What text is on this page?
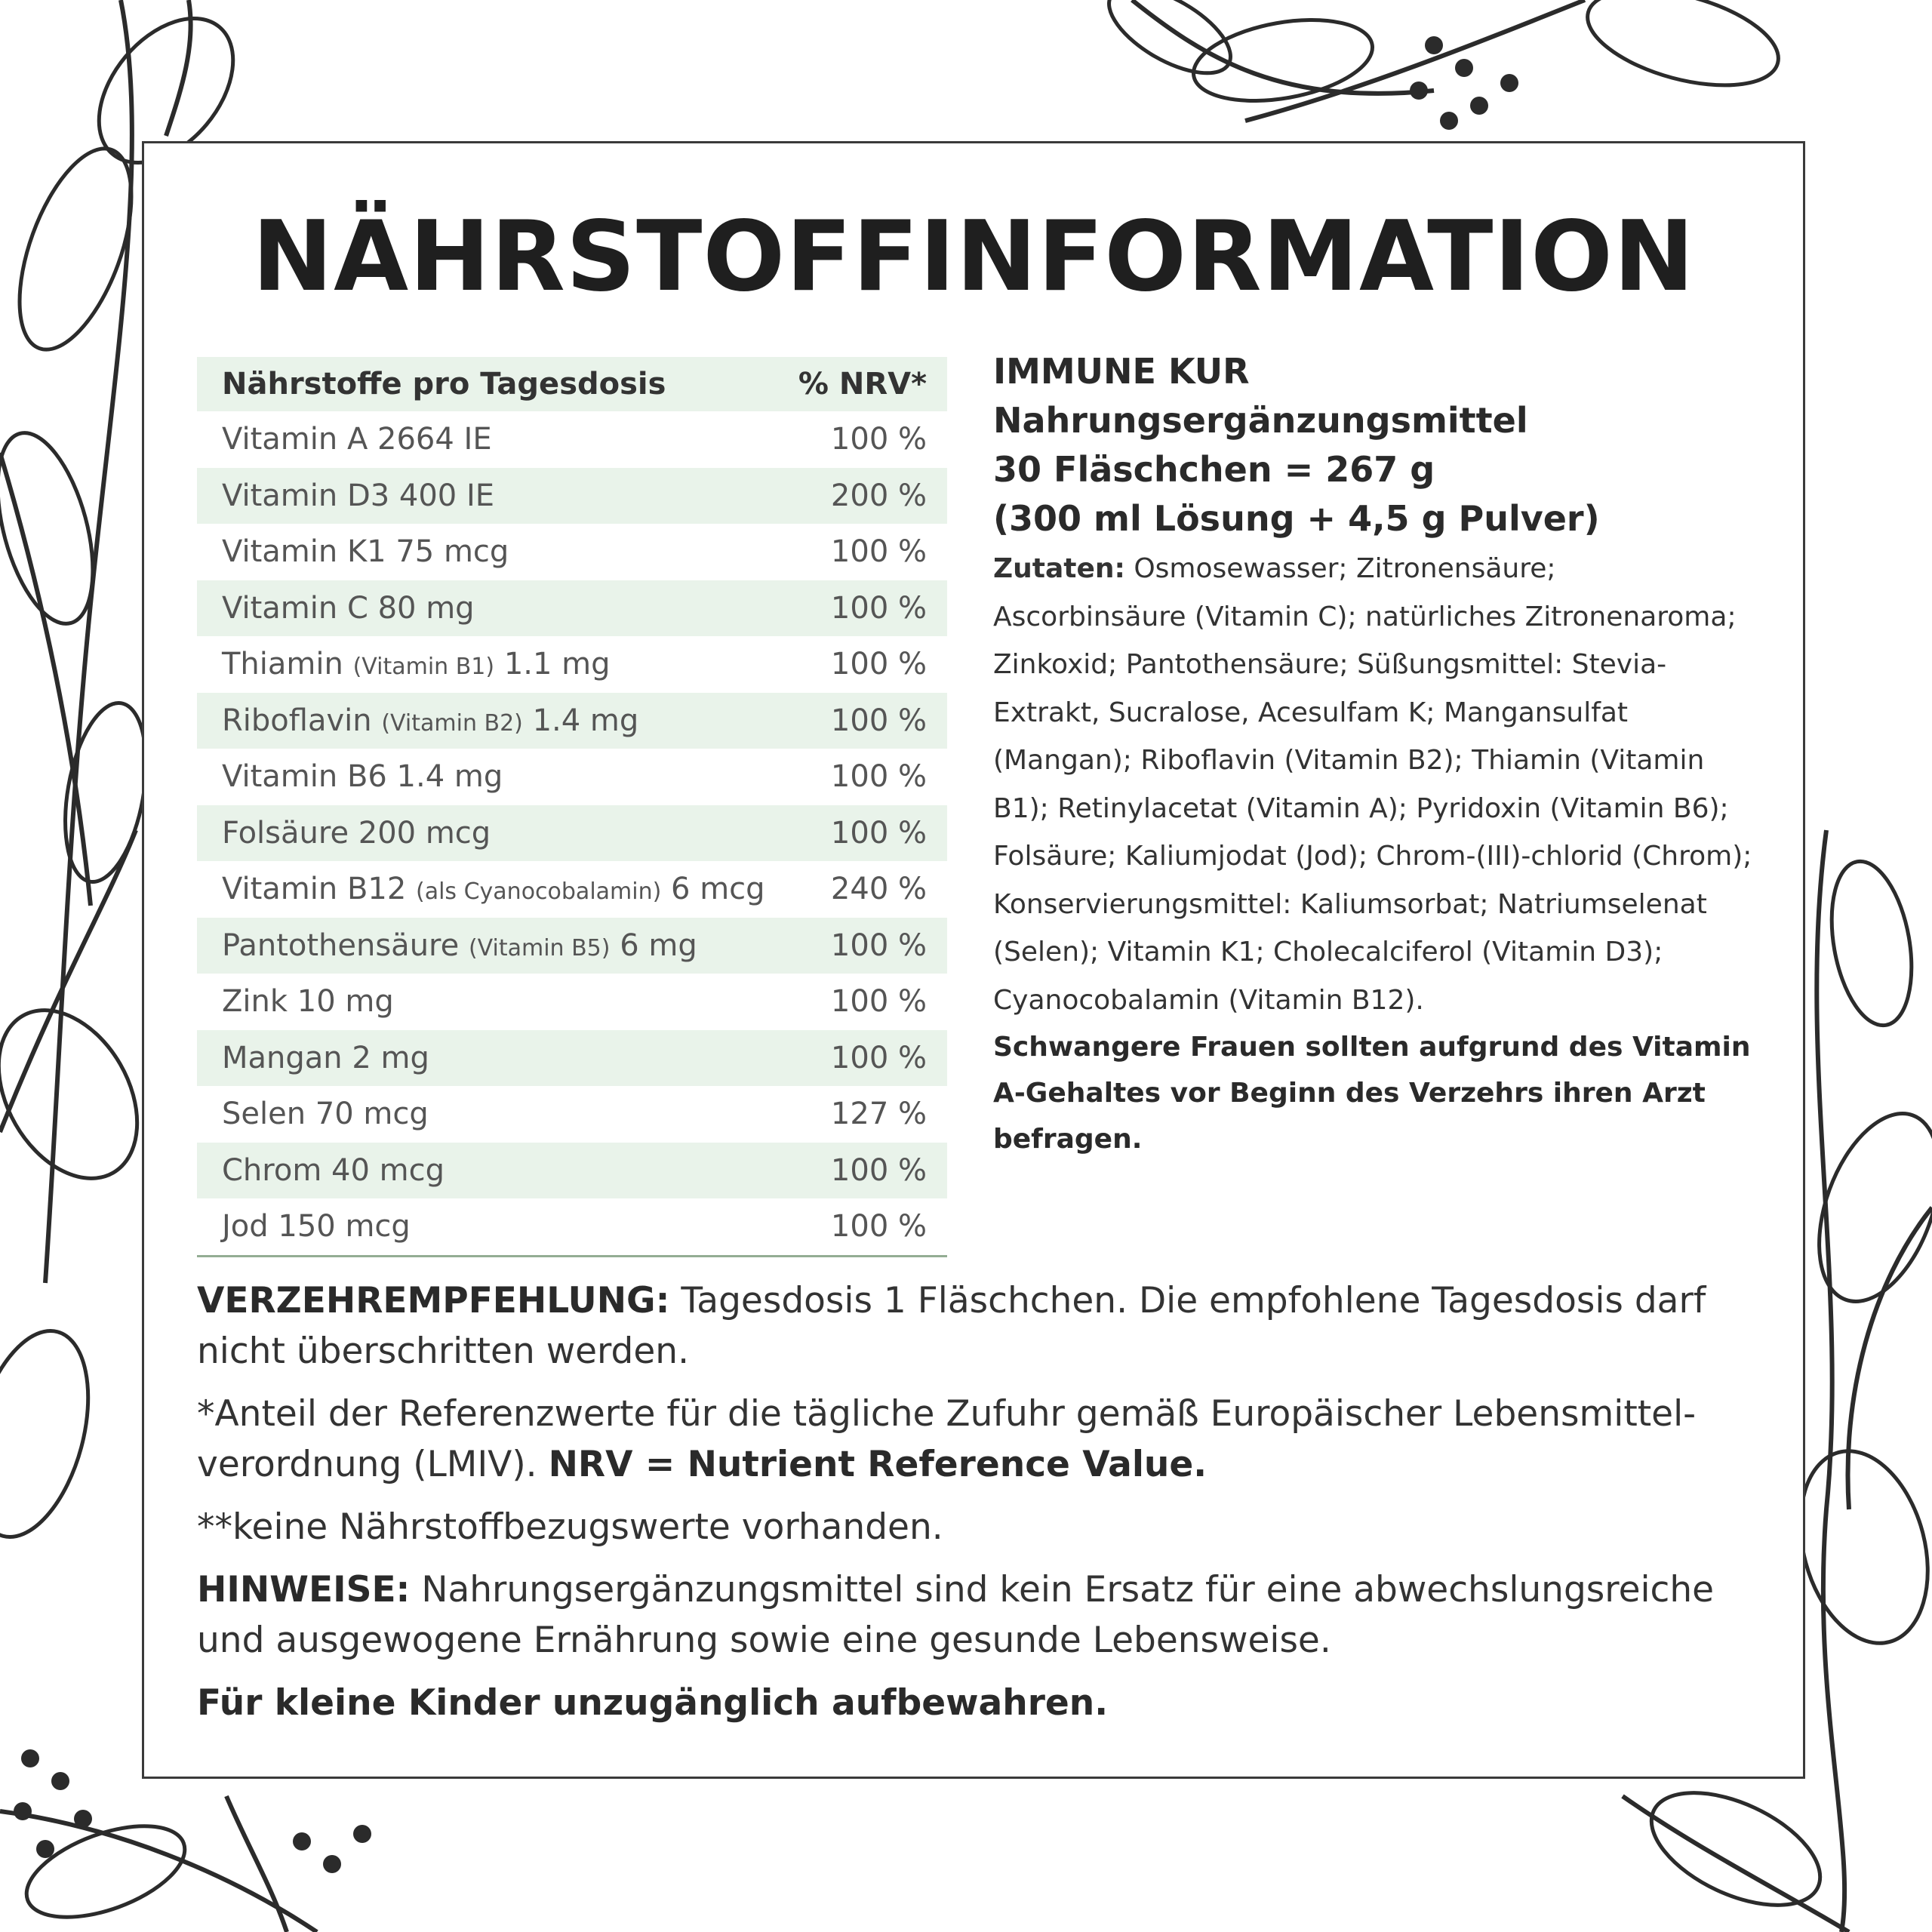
NÄHRSTOFFINFORMATION
Nährstoffe pro Tagesdosis	% NRV*
Vitamin A 2664 IE	100 %
Vitamin D3 400 IE	200 %
Vitamin K1 75 mcg	100 %
Vitamin C 80 mg	100 %
Thiamin (Vitamin B1) 1.1 mg	100 %
Riboflavin (Vitamin B2) 1.4 mg	100 %
Vitamin B6 1.4 mg	100 %
Folsäure 200 mcg	100 %
Vitamin B12 (als Cyanocobalamin) 6 mcg 240 %
Pantothensäure (Vitamin B5) 6 mg	100 %
Zink 10 mg	100 %
Mangan 2 mg	100 %
Selen 70 mcg	127 %
Chrom 40 mcg	100 %
Jod 150 mcg	100 %
IMMUNE KUR
Nahrungsergänzungsmittel
30 Fläschchen = 267 g
(300 ml Lösung + 4,5 g Pulver)
Zutaten: Osmosewasser; Zitronensäure; Ascorbinsäure (Vitamin C); natürliches Zitronenaroma; Zinkoxid; Pantothensäure; Süßungsmittel: Stevia-Extrakt, Sucralose, Acesulfam K; Mangansulfat (Mangan); Riboflavin (Vitamin B2); Thiamin (Vitamin B1); Retinylacetat (Vitamin A); Pyridoxin (Vitamin B6); Folsäure; Kaliumjodat (Jod); Chrom-(III)-chlorid (Chrom); Konservierungsmittel: Kaliumsorbat; Natriumselenat (Selen); Vitamin K1; Cholecalciferol (Vitamin D3); Cyanocobalamin (Vitamin B12).
Schwangere Frauen sollten aufgrund des Vitamin A-Gehaltes vor Beginn des Verzehrs ihren Arzt befragen.

VERZEHREMPFEHLUNG: Tagesdosis 1 Fläschchen. Die empfohlene Tagesdosis darf nicht überschritten werden.

*Anteil der Referenzwerte für die tägliche Zufuhr gemäß Europäischer Lebensmittel-verordnung (LMIV). NRV = Nutrient Reference Value.

**keine Nährstoffbezugswerte vorhanden.

HINWEISE: Nahrungsergänzungsmittel sind kein Ersatz für eine abwechslungsreiche und ausgewogene Ernährung sowie eine gesunde Lebensweise.

Für kleine Kinder unzugänglich aufbewahren.
